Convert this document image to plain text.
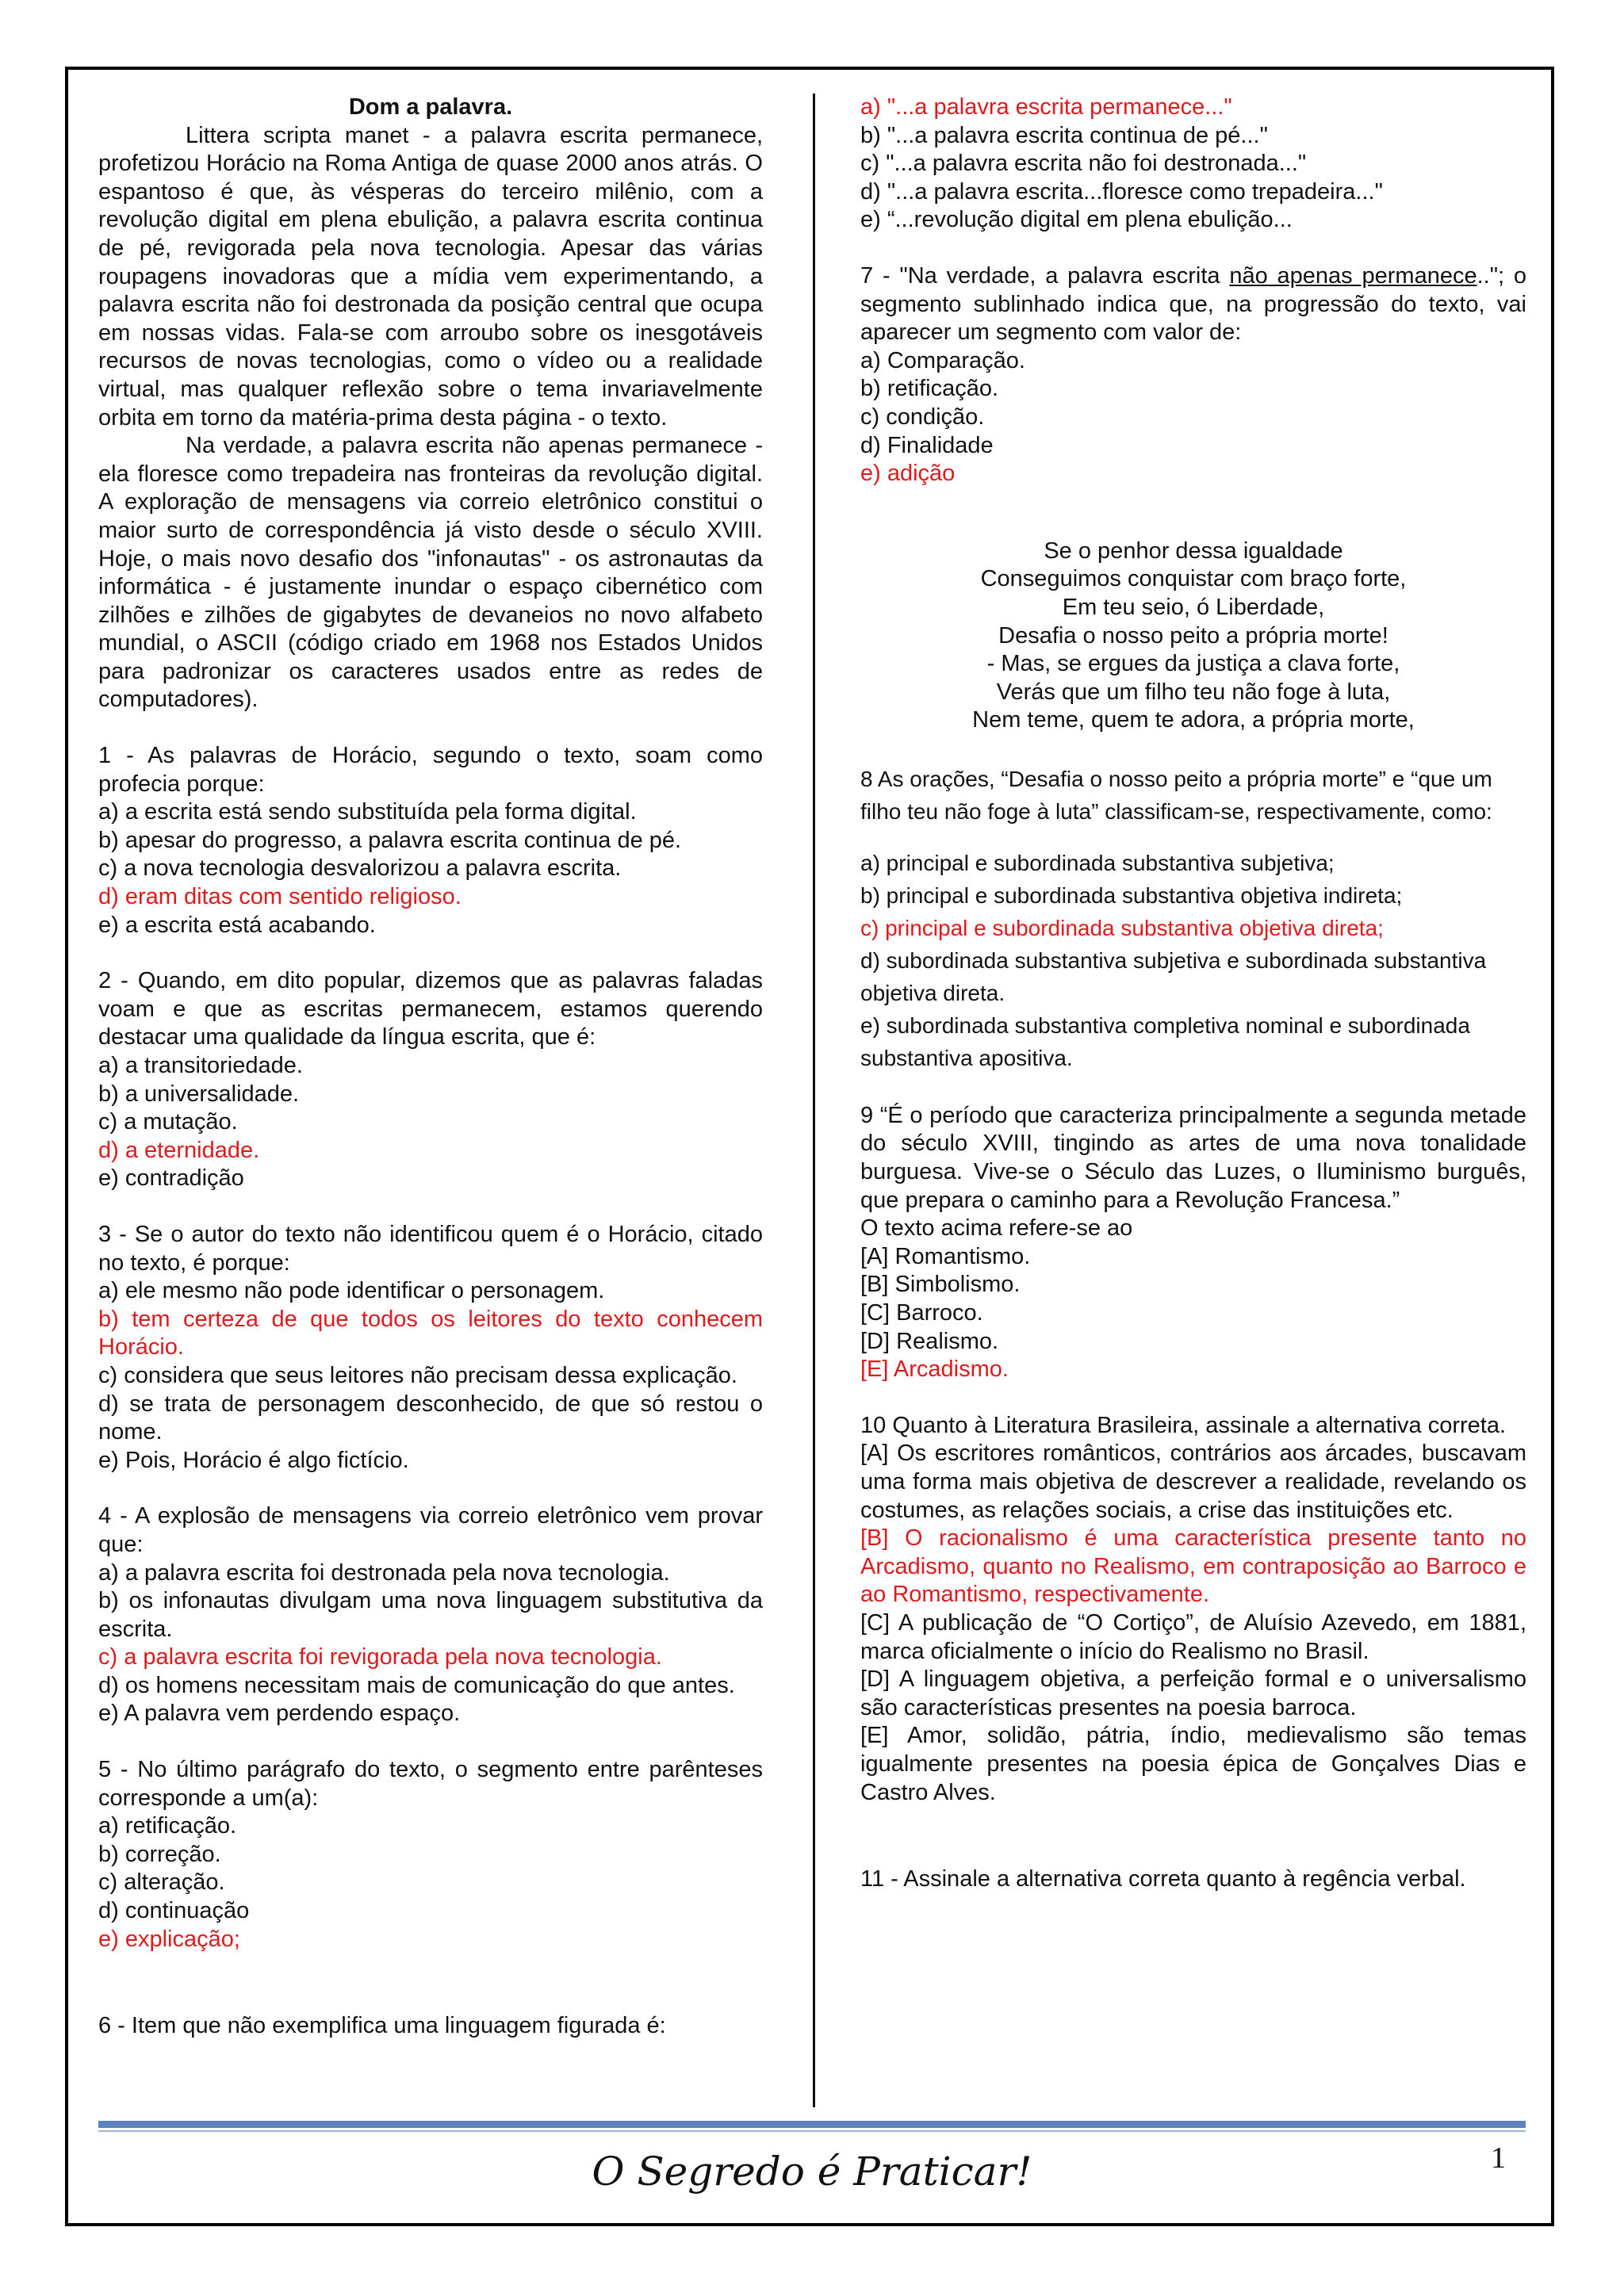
Dom a palavra.

Littera scripta manet - a palavra escrita permanece, profetizou Horácio na Roma Antiga de quase 2000 anos atrás. O espantoso é que, às vésperas do terceiro milênio, com a revolução digital em plena ebulição, a palavra escrita continua de pé, revigorada pela nova tecnologia. Apesar das várias roupagens inovadoras que a mídia vem experimentando, a palavra escrita não foi destronada da posição central que ocupa em nossas vidas. Fala-se com arroubo sobre os inesgotáveis recursos de novas tecnologias, como o vídeo ou a realidade virtual, mas qualquer reflexão sobre o tema invariavelmente orbita em torno da matéria-prima desta página - o texto.

Na verdade, a palavra escrita não apenas permanece - ela floresce como trepadeira nas fronteiras da revolução digital. A exploração de mensagens via correio eletrônico constitui o maior surto de correspondência já visto desde o século XVIII. Hoje, o mais novo desafio dos "infonautas" - os astronautas da informática - é justamente inundar o espaço cibernético com zilhões e zilhões de gigabytes de devaneios no novo alfabeto mundial, o ASCII (código criado em 1968 nos Estados Unidos para padronizar os caracteres usados entre as redes de computadores).

1 - As palavras de Horácio, segundo o texto, soam como profecia porque:

a) a escrita está sendo substituída pela forma digital.

b) apesar do progresso, a palavra escrita continua de pé.

c) a nova tecnologia desvalorizou a palavra escrita.

d) eram ditas com sentido religioso.

e) a escrita está acabando.

2 - Quando, em dito popular, dizemos que as palavras faladas voam e que as escritas permanecem, estamos querendo destacar uma qualidade da língua escrita, que é:

a) a transitoriedade.

b) a universalidade.

c) a mutação.

d) a eternidade.

e) contradição

3 - Se o autor do texto não identificou quem é o Horácio, citado no texto, é porque:

a) ele mesmo não pode identificar o personagem.

b) tem certeza de que todos os leitores do texto conhecem Horácio.

c) considera que seus leitores não precisam dessa explicação.

d) se trata de personagem desconhecido, de que só restou o nome.

e) Pois, Horácio é algo fictício.

4 - A explosão de mensagens via correio eletrônico vem provar que:

a) a palavra escrita foi destronada pela nova tecnologia.

b) os infonautas divulgam uma nova linguagem substitutiva da escrita.

c) a palavra escrita foi revigorada pela nova tecnologia.

d) os homens necessitam mais de comunicação do que antes.

e) A palavra vem perdendo espaço.

5 - No último parágrafo do texto, o segmento entre parênteses corresponde a um(a):

a) retificação.

b) correção.

c) alteração.

d) continuação

e) explicação;

6 - Item que não exemplifica uma linguagem figurada é:

a) "...a palavra escrita permanece..."

b) "...a palavra escrita continua de pé..."

c) "...a palavra escrita não foi destronada..."

d) "...a palavra escrita...floresce como trepadeira..."

e) “...revolução digital em plena ebulição...

7 - "Na verdade, a palavra escrita não apenas permanece.."; o segmento sublinhado indica que, na progressão do texto, vai aparecer um segmento com valor de:

a) Comparação.

b) retificação.

c) condição.

d) Finalidade

e) adição

Se o penhor dessa igualdade

Conseguimos conquistar com braço forte,

Em teu seio, ó Liberdade,

Desafia o nosso peito a própria morte!

- Mas, se ergues da justiça a clava forte,

Verás que um filho teu não foge à luta,

Nem teme, quem te adora, a própria morte,

8 As orações, “Desafia o nosso peito a própria morte” e “que um filho teu não foge à luta” classificam-se, respectivamente, como:

a) principal e subordinada substantiva subjetiva;

b) principal e subordinada substantiva objetiva indireta;

c) principal e subordinada substantiva objetiva direta;

d) subordinada substantiva subjetiva e subordinada substantiva objetiva direta.

e) subordinada substantiva completiva nominal e subordinada substantiva apositiva.

9 “É o período que caracteriza principalmente a segunda metade do século XVIII, tingindo as artes de uma nova tonalidade burguesa. Vive-se o Século das Luzes, o Iluminismo burguês, que prepara o caminho para a Revolução Francesa.”

O texto acima refere-se ao

[A] Romantismo.

[B] Simbolismo.

[C] Barroco.

[D] Realismo.

[E] Arcadismo.

10 Quanto à Literatura Brasileira, assinale a alternativa correta.

[A] Os escritores românticos, contrários aos árcades, buscavam uma forma mais objetiva de descrever a realidade, revelando os costumes, as relações sociais, a crise das instituições etc.

[B] O racionalismo é uma característica presente tanto no Arcadismo, quanto no Realismo, em contraposição ao Barroco e ao Romantismo, respectivamente.

[C] A publicação de “O Cortiço”, de Aluísio Azevedo, em 1881, marca oficialmente o início do Realismo no Brasil.

[D] A linguagem objetiva, a perfeição formal e o universalismo são características presentes na poesia barroca.

[E] Amor, solidão, pátria, índio, medievalismo são temas igualmente presentes na poesia épica de Gonçalves Dias e Castro Alves.

11 - Assinale a alternativa correta quanto à regência verbal.

O Segredo é Praticar!	1
